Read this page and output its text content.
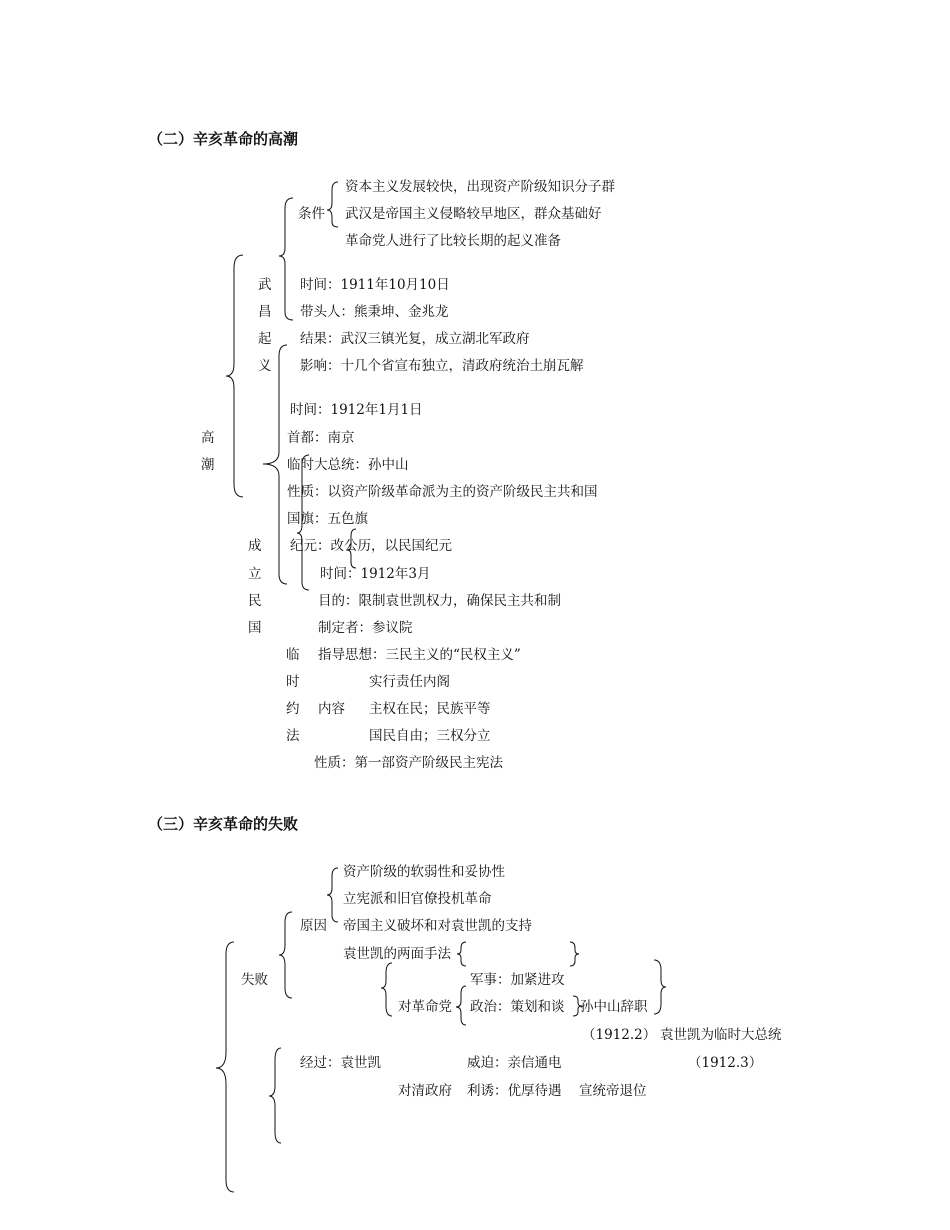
（二）辛亥革命的高潮
高
潮
武
昌
起
义
条件
资本主义发展较快，出现资产阶级知识分子群
武汉是帝国主义侵略较早地区，群众基础好
革命党人进行了比较长期的起义准备
时间：1911年10月10日
带头人：熊秉坤、金兆龙
结果：武汉三镇光复，成立湖北军政府
影响：十几个省宣布独立，清政府统治土崩瓦解
时间：1912年1月1日
首都：南京
临时大总统：孙中山
性质：以资产阶级革命派为主的资产阶级民主共和国
国旗：五色旗
纪元：改公历，以民国纪元
成
立
民
国
时间：1912年3月
目的：限制袁世凯权力，确保民主共和制
制定者：参议院
指导思想：三民主义的“民权主义”
临
时
约
法
内容
实行责任内阁
主权在民；民族平等
国民自由；三权分立
性质：第一部资产阶级民主宪法
（三）辛亥革命的失败
失败
原因
资产阶级的软弱性和妥协性
立宪派和旧官僚投机革命
帝国主义破坏和对袁世凯的支持
袁世凯的两面手法
军事：加紧进攻
对革命党 政治：策划和谈 孙中山辞职
（1912.2） 袁世凯为临时大总统
经过：袁世凯	威迫：亲信通电	（1912.3）
对清政府 利诱：优厚待遇 宣统帝退位
